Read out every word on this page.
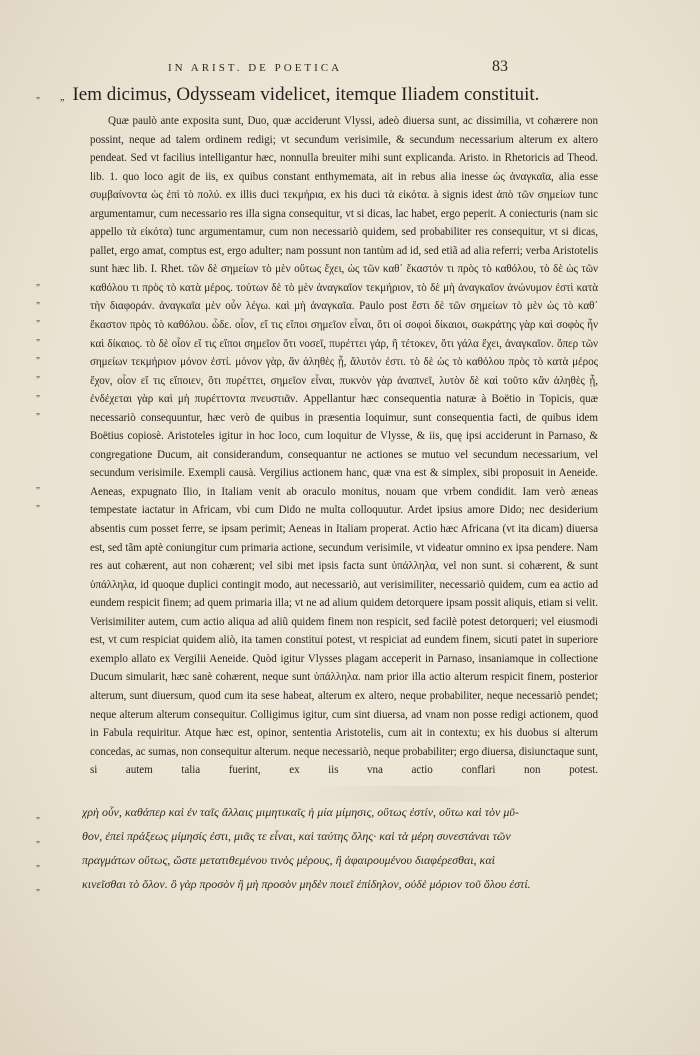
IN ARIST. DE POETICA	83
„
„
„
„
„
„
„
„
„
„
„
„
„
„
„
„ Iem dicimus, Odysseam videlicet, itemque Iliadem constituit.

Quæ paulò ante exposita sunt, Duo, quæ acciderunt Vlyssi, adeò diuersa sunt, ac dissimilia, vt cohærere non possint, neque ad talem ordinem redigi; vt secundum verisimile, & secundum necessarium alterum ex altero pendeat. Sed vt facilius intelligantur hæc, nonnulla breuiter mihi sunt explicanda. Aristo. in Rhetoricis ad Theod. lib. 1. quo loco agit de iis, ex quibus constant enthymemata, ait in rebus alia inesse ὡς ἀναγκαῖα, alia esse συμβαίνοντα ὡς ἐπὶ τὸ πολύ. ex illis duci τεκμήρια, ex his duci τὰ εἰκότα. à signis idest ἀπὸ τῶν σημείων tunc argumentamur, cum necessario res illa signa consequitur, vt si dicas, lac habet, ergo peperit. A coniecturis (nam sic appello τὰ εἰκότα) tunc argumentamur, cum non necessariò quidem, sed probabiliter res consequitur, vt si dicas, pallet, ergo amat, comptus est, ergo adulter; nam possunt non tantùm ad id, sed etiã ad alia referri; verba Aristotelis sunt hæc lib. I. Rhet. τῶν δὲ σημείων τὸ μὲν οὕτως ἔχει, ὡς τῶν καθ᾽ ἕκαστόν τι πρὸς τὸ καθόλου, τὸ δὲ ὡς τῶν καθόλου τι πρὸς τὸ κατὰ μέρος. τούτων δὲ τὸ μὲν ἀναγκαῖον τεκμήριον, τὸ δὲ μὴ ἀναγκαῖον ἀνώνυμον ἐστὶ κατὰ τὴν διαφοράν. ἀναγκαῖα μὲν οὖν λέγω. καὶ μὴ ἀναγκαῖα. Paulo post ἔστι δὲ τῶν σημείων τὸ μὲν ὡς τὸ καθ᾽ ἕκαστον πρὸς τὸ καθόλου. ὧδε. οἷον, εἴ τις εἴποι σημεῖον εἶναι, ὅτι οἱ σοφοὶ δίκαιοι, σωκράτης γὰρ καὶ σοφὸς ἦν καὶ δίκαιος. τὸ δὲ οἷον εἴ τις εἴποι σημεῖον ὅτι νοσεῖ, πυρέττει γάρ, ἢ τέτοκεν, ὅτι γάλα ἔχει, ἀναγκαῖον. ὅπερ τῶν σημείων τεκμήριον μόνον ἐστί. μόνον γὰρ, ἂν ἀληθὲς ᾖ, ἄλυτόν ἐστι. τὸ δὲ ὡς τὸ καθόλου πρὸς τὸ κατὰ μέρος ἔχον, οἷον εἴ τις εἴποιεν, ὅτι πυρέττει, σημεῖον εἶναι, πυκνὸν γὰρ ἀναπνεῖ, λυτὸν δὲ καὶ τοῦτο κἂν ἀληθὲς ᾖ, ἐνδέχεται γὰρ καὶ μὴ πυρέττοντα πνευστιᾶν. Appellantur hæc consequentia naturæ à Boëtio in Topicis, quæ necessariò consequuntur, hæc verò de quibus in præsentia loquimur, sunt consequentia facti, de quibus idem Boëtius copiosè. Aristoteles igitur in hoc loco, cum loquitur de Vlysse, & iis, quę ipsi acciderunt in Parnaso, & congregatione Ducum, ait considerandum, consequantur ne actiones se mutuo vel secundum necessarium, vel secundum verisimile. Exempli causà. Vergilius actionem hanc, quæ vna est & simplex, sibi proposuit in Aeneide. Aeneas, expugnato Ilio, in Italiam venit ab oraculo monitus, nouam que vrbem condidit. Iam verò æneas tempestate iactatur in Africam, vbi cum Dido ne multa colloquutur. Ardet ipsius amore Dido; nec desiderium absentis cum posset ferre, se ipsam perimit; Aeneas in Italiam properat. Actio hæc Africana (vt ita dicam) diuersa est, sed tãm aptè coniungitur cum primaria actione, secundum verisimile, vt videatur omnino ex ipsa pendere. Nam res aut cohærent, aut non cohærent; vel sibi met ipsis facta sunt ὑπάλληλα, vel non sunt. si cohærent, & sunt ὑπάλληλα, id quoque duplici contingit modo, aut necessariò, aut verisimiliter, necessariò quidem, cum ea actio ad eundem respicit finem; ad quem primaria illa; vt ne ad alium quidem detorquere ipsam possit aliquis, etiam si velit. Verisimiliter autem, cum actio aliqua ad aliũ quidem finem non respicit, sed facilè potest detorqueri; vel eiusmodi est, vt cum respiciat quidem aliò, ita tamen constitui potest, vt respiciat ad eundem finem, sicuti patet in superiore exemplo allato ex Vergilii Aeneide. Quòd igitur Vlysses plagam acceperit in Parnaso, insaniamque in collectione Ducum simularit, hæc sanè cohærent, neque sunt ὑπάλληλα. nam prior illa actio alterum respicit finem, posterior alterum, sunt diuersum, quod cum ita sese habeat, alterum ex altero, neque probabiliter, neque necessariò pendet; neque alterum alterum consequitur. Colligimus igitur, cum sint diuersa, ad vnam non posse redigi actionem, quod in Fabula requiritur. Atque hæc est, opinor, sententia Aristotelis, cum ait in contextu; ex his duobus si alterum concedas, ac sumas, non consequitur alterum. neque necessariò, neque probabiliter; ergo diuersa, disiunctaque sunt, si autem talia fuerint, ex iis vna actio conflari non potest.

χρὴ οὖν, καθάπερ καὶ ἐν ταῖς ἄλλαις μιμητικαῖς ἡ μία μίμησις, οὕτως ἐστίν, οὕτω καὶ τὸν μῦ-
θον, ἐπεὶ πράξεως μίμησίς ἐστι, μιᾶς τε εἶναι, καὶ ταύτης ὅλης· καὶ τὰ μέρη συνεστάναι τῶν
πραγμάτων οὕτως, ὥστε μετατιθεμένου τινὸς μέρους, ἢ ἀφαιρουμένου διαφέρεσθαι, καὶ
κινεῖσθαι τὸ ὅλον. ὃ γὰρ προσὸν ἢ μὴ προσὸν μηδὲν ποιεῖ ἐπίδηλον, οὐδὲ μόριον τοῦ ὅλου ἐστί.
